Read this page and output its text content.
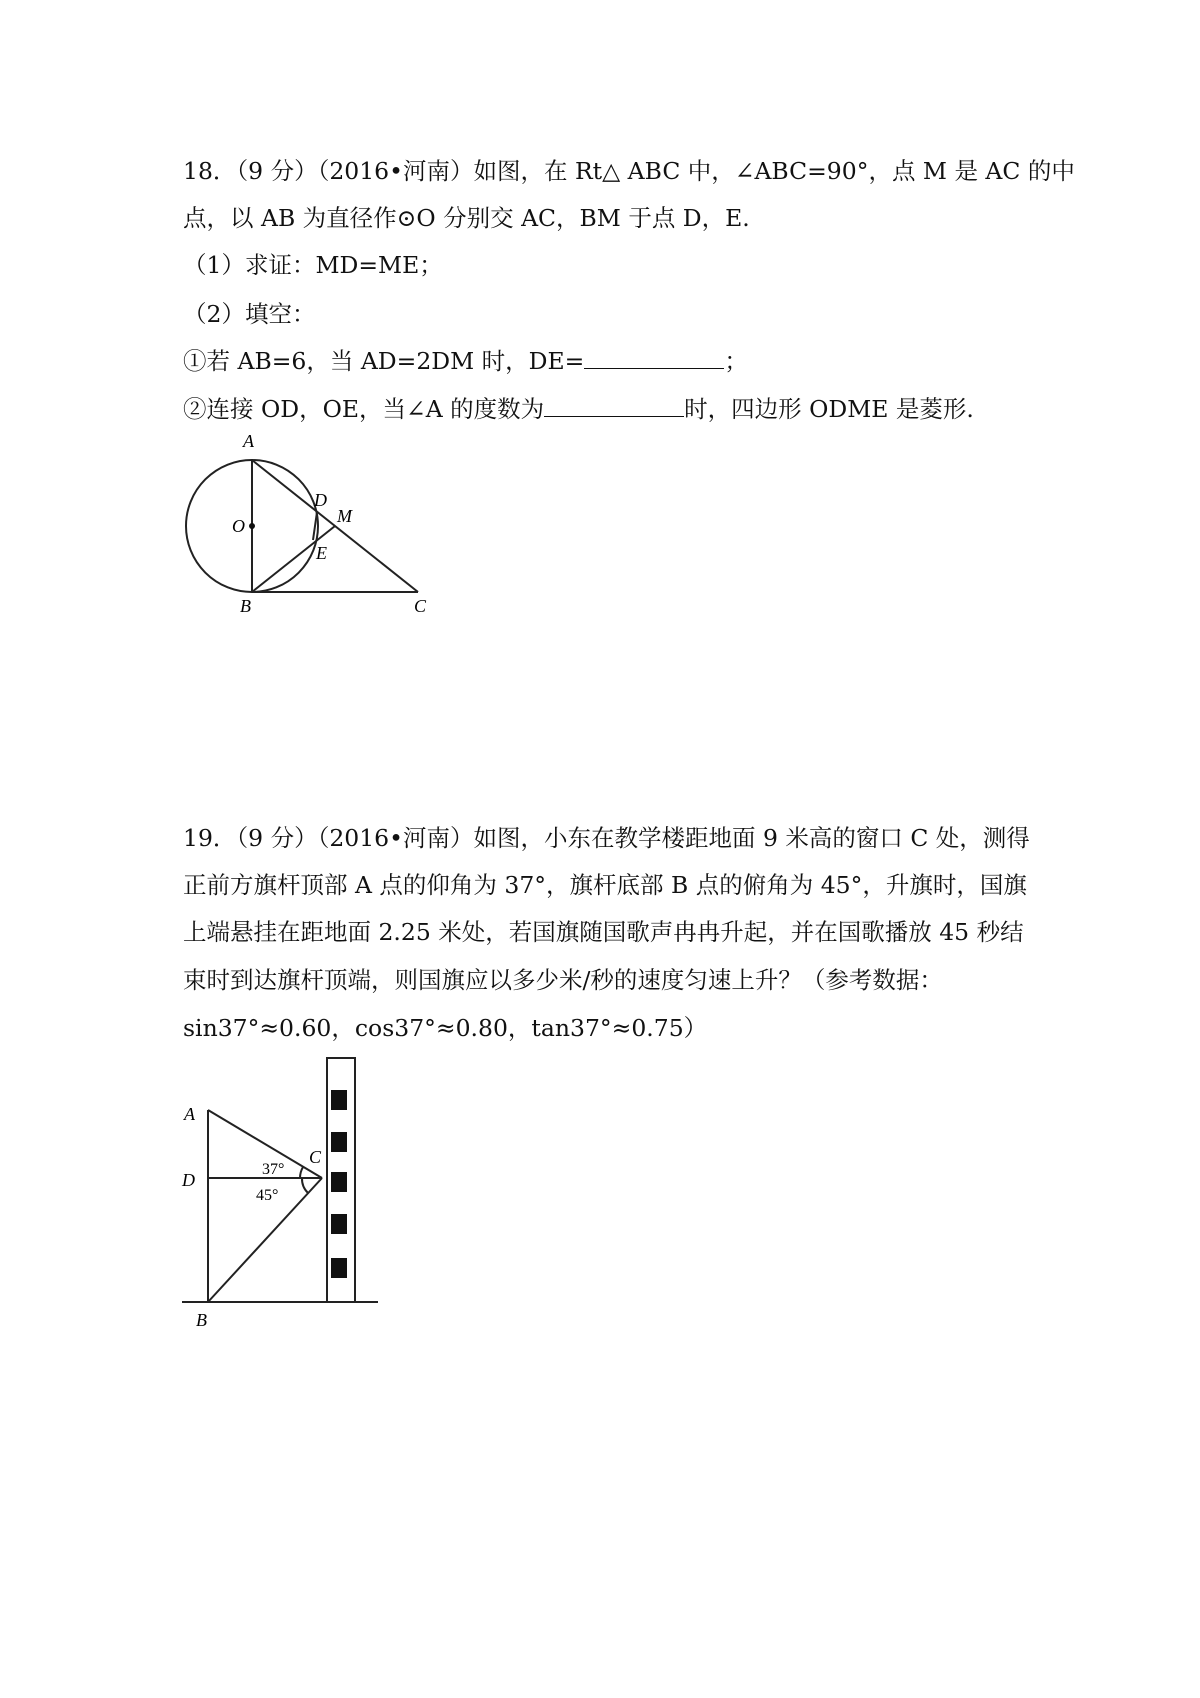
18．（9 分）（2016•河南）如图，在 Rt△ ABC 中，∠ABC=90°，点 M 是 AC 的中
点，以 AB 为直径作⊙O 分别交 AC，BM 于点 D，E.
（1）求证：MD=ME；
（2）填空：
①若 AB=6，当 AD=2DM 时，DE=	；
②连接 OD，OE，当∠A 的度数为	时，四边形 ODME 是菱形.
A
O
D
M
E
B	C
19．（9 分）（2016•河南）如图，小东在教学楼距地面 9 米高的窗口 C 处，测得
正前方旗杆顶部 A 点的仰角为 37°，旗杆底部 B 点的俯角为 45°，升旗时，国旗
上端悬挂在距地面 2.25 米处，若国旗随国歌声冉冉升起，并在国歌播放 45 秒结
束时到达旗杆顶端，则国旗应以多少米/秒的速度匀速上升？（参考数据：
sin37°≈0.60，cos37°≈0.80，tan37°≈0.75）
A
D
C
B
37°
45°
